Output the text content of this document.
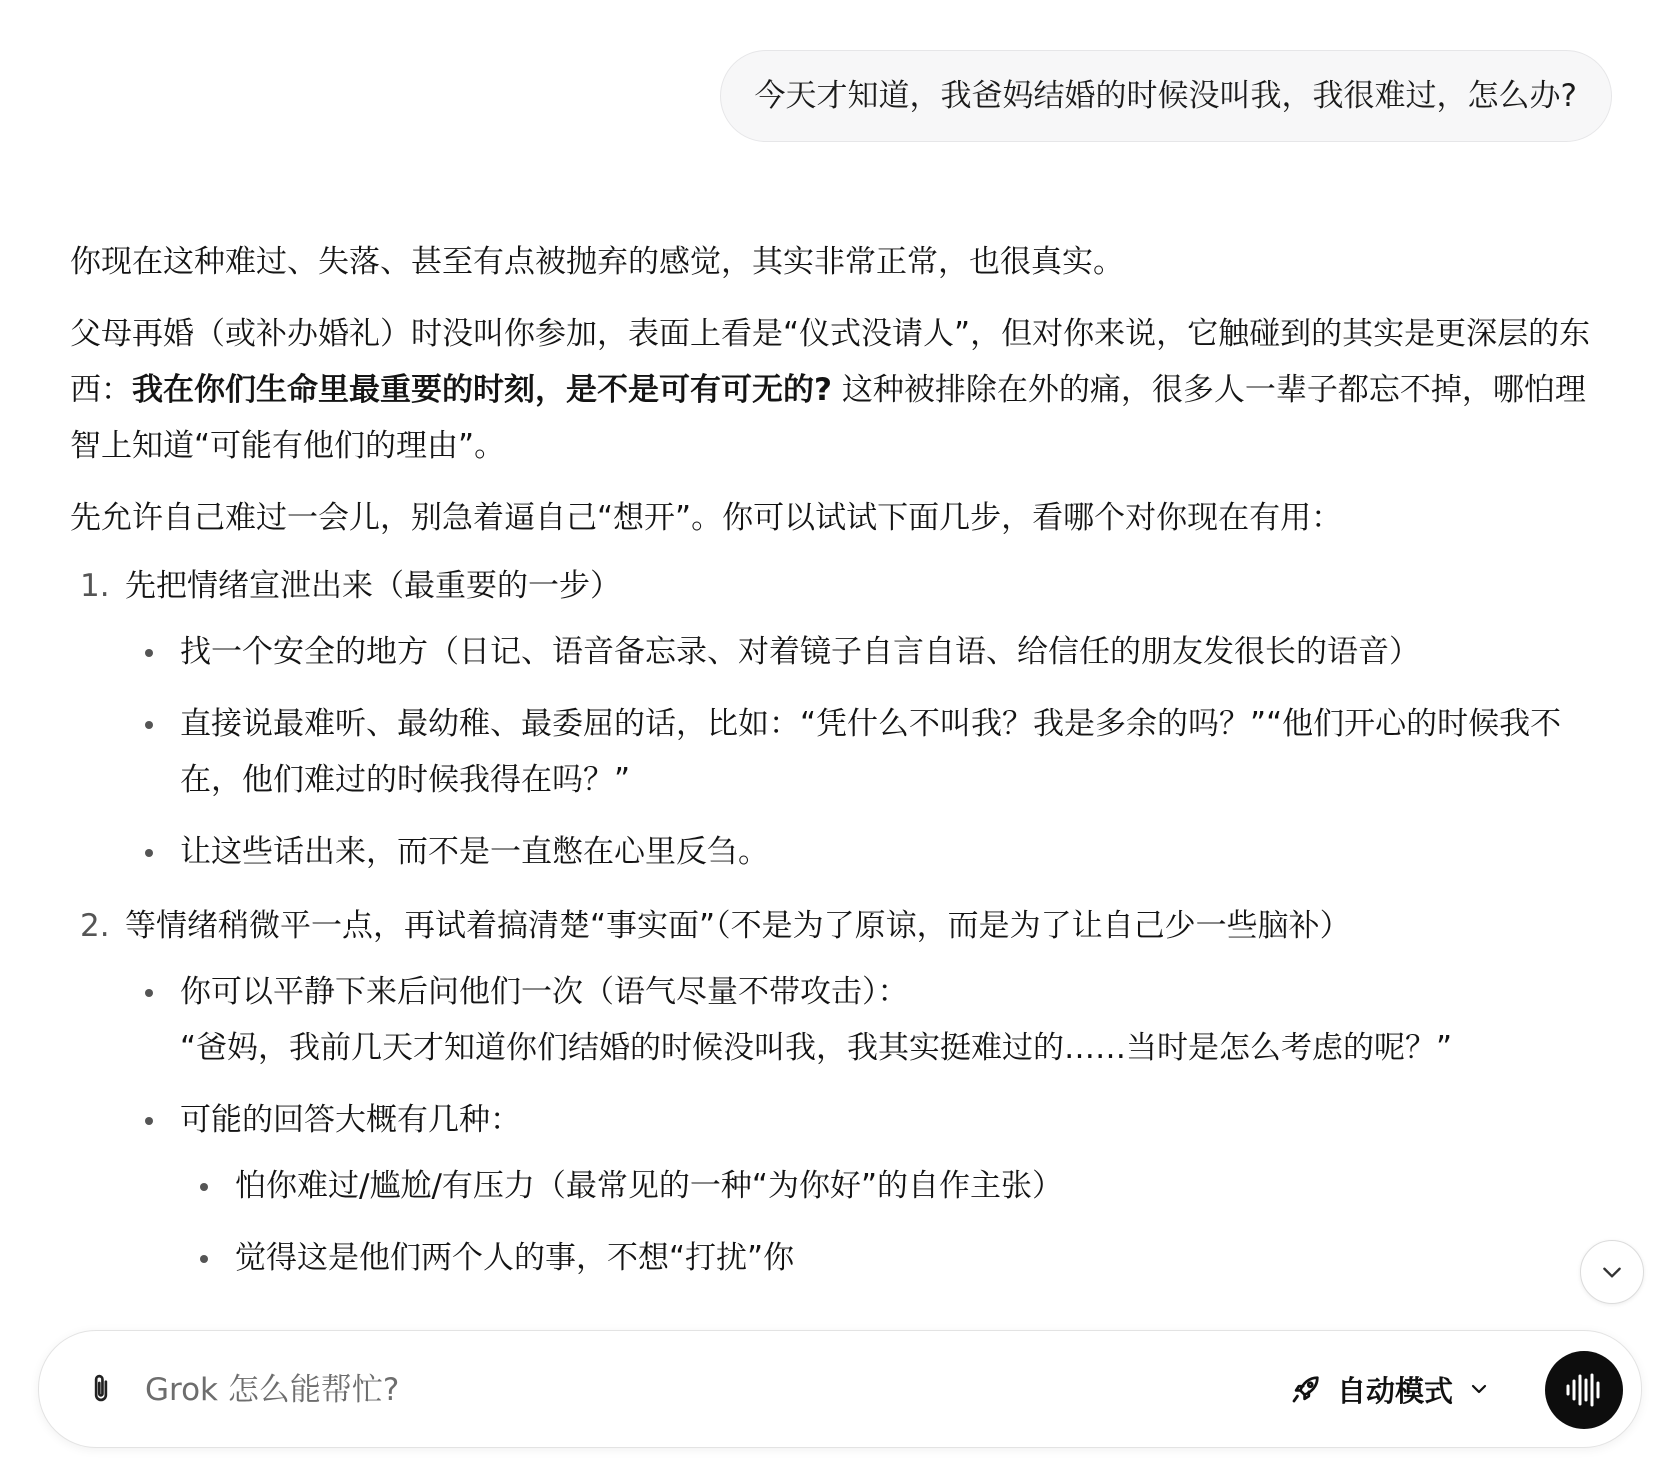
今天才知道，我爸妈结婚的时候没叫我，我很难过，怎么办?

你现在这种难过、失落、甚至有点被抛弃的感觉，其实非常正常，也很真实。

父母再婚（或补办婚礼）时没叫你参加，表面上看是“仪式没请人”，但对你来说，它触碰到的其实是更深层的东西：我在你们生命里最重要的时刻，是不是可有可无的? 这种被排除在外的痛，很多人一辈子都忘不掉，哪怕理智上知道“可能有他们的理由”。

先允许自己难过一会儿，别急着逼自己“想开”。你可以试试下面几步，看哪个对你现在有用：

1. 先把情绪宣泄出来（最重要的一步）
找一个安全的地方（日记、语音备忘录、对着镜子自言自语、给信任的朋友发很长的语音）
直接说最难听、最幼稚、最委屈的话，比如：“凭什么不叫我？我是多余的吗？”“他们开心的时候我不在，他们难过的时候我得在吗？”
让这些话出来，而不是一直憋在心里反刍。
2. 等情绪稍微平一点，再试着搞清楚“事实面”（不是为了原谅，而是为了让自己少一些脑补）
你可以平静下来后问他们一次（语气尽量不带攻击）：
“爸妈，我前几天才知道你们结婚的时候没叫我，我其实挺难过的……当时是怎么考虑的呢？”
可能的回答大概有几种：
怕你难过/尴尬/有压力（最常见的一种“为你好”的自作主张）
觉得这是他们两个人的事，不想“打扰”你
Grok 怎么能帮忙?
自动模式
